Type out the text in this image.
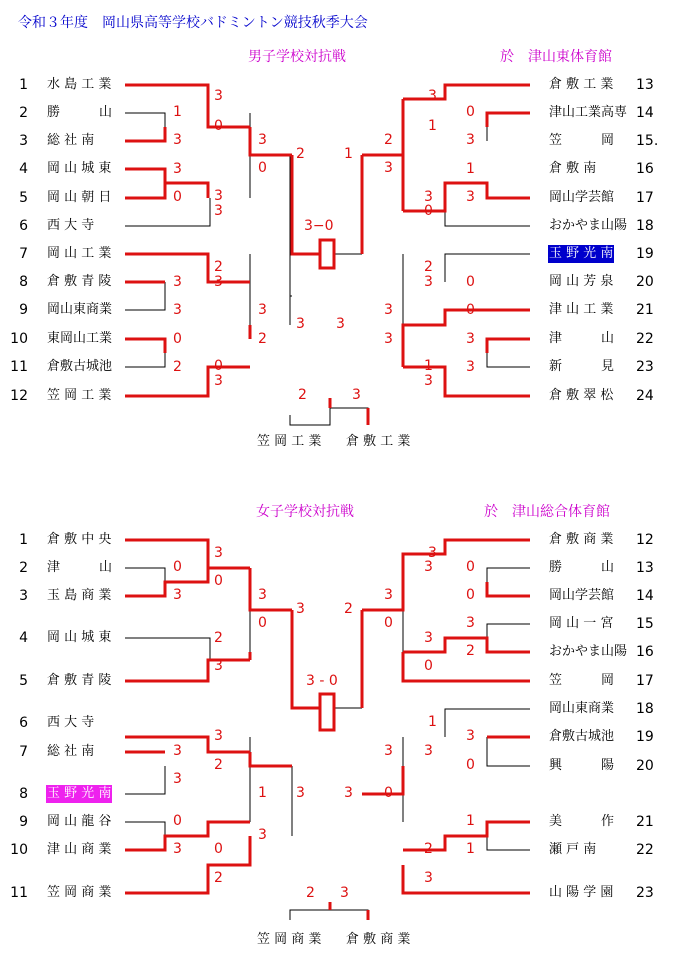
令和３年度　岡山県高等学校バドミントン競技秋季大会
男子学校対抗戦	於　津山東体育館
1 水 島 工 業
2 勝　　　山
3 総 社 南
4 岡 山 城 東
5 岡 山 朝 日
6 西 大 寺
7 岡 山 工 業
8 倉 敷 青 陵
9 岡山東商業
10 東岡山工業
11 倉敷古城池
12 笠 岡 工 業
倉 敷 工 業 13
津山工業高専 14
笠　　　岡 15.
倉 敷 南	16
岡山学芸館 17
おかやま山陽 18
玉 野 光 南 19
岡 山 芳 泉 20
津 山 工 業 21
津　　　山 22
新　　　見 23
倉 敷 翠 松 24
3
0
1
3	3
0
3
0 3
3
2
2
3
3
3
0
2 0
3
3
2
3 3
1
2
3
3
1
0
3
1
3
3
0
2
3 0
0
3
3	3
3
1
3
3−0
2	3
笠 岡 工 業 倉 敷 工 業
女子学校対抗戦	於　津山総合体育館
1 倉 敷 中 央
2 津　　　山
3 玉 島 商 業
4 岡 山 城 東
5 倉 敷 青 陵
6 西 大 寺
7 総 社 南
8 玉 野 光 南
9 岡 山 龍 谷
10 津 山 商 業
11 笠 岡 商 業
倉 敷 商 業 12
勝　　　山 13
岡山学芸館 14
岡 山 一 宮 15
おかやま山陽 16
笠　　　岡 17
岡山東商業 18
倉敷古城池 19
興　　　陽 20
美　　　作 21
瀬 戸 南	22
山 陽 学 園 23
3
0
0
3	3
0
2
3
3	2
3
0
3
3 0
0
3
2
3
0
3
2
3
3
1
3
3	3
0
0
3
2
0
2
3
1
3
3
3
0
1
1
3 - 0
2 3
笠 岡 商 業 倉 敷 商 業
